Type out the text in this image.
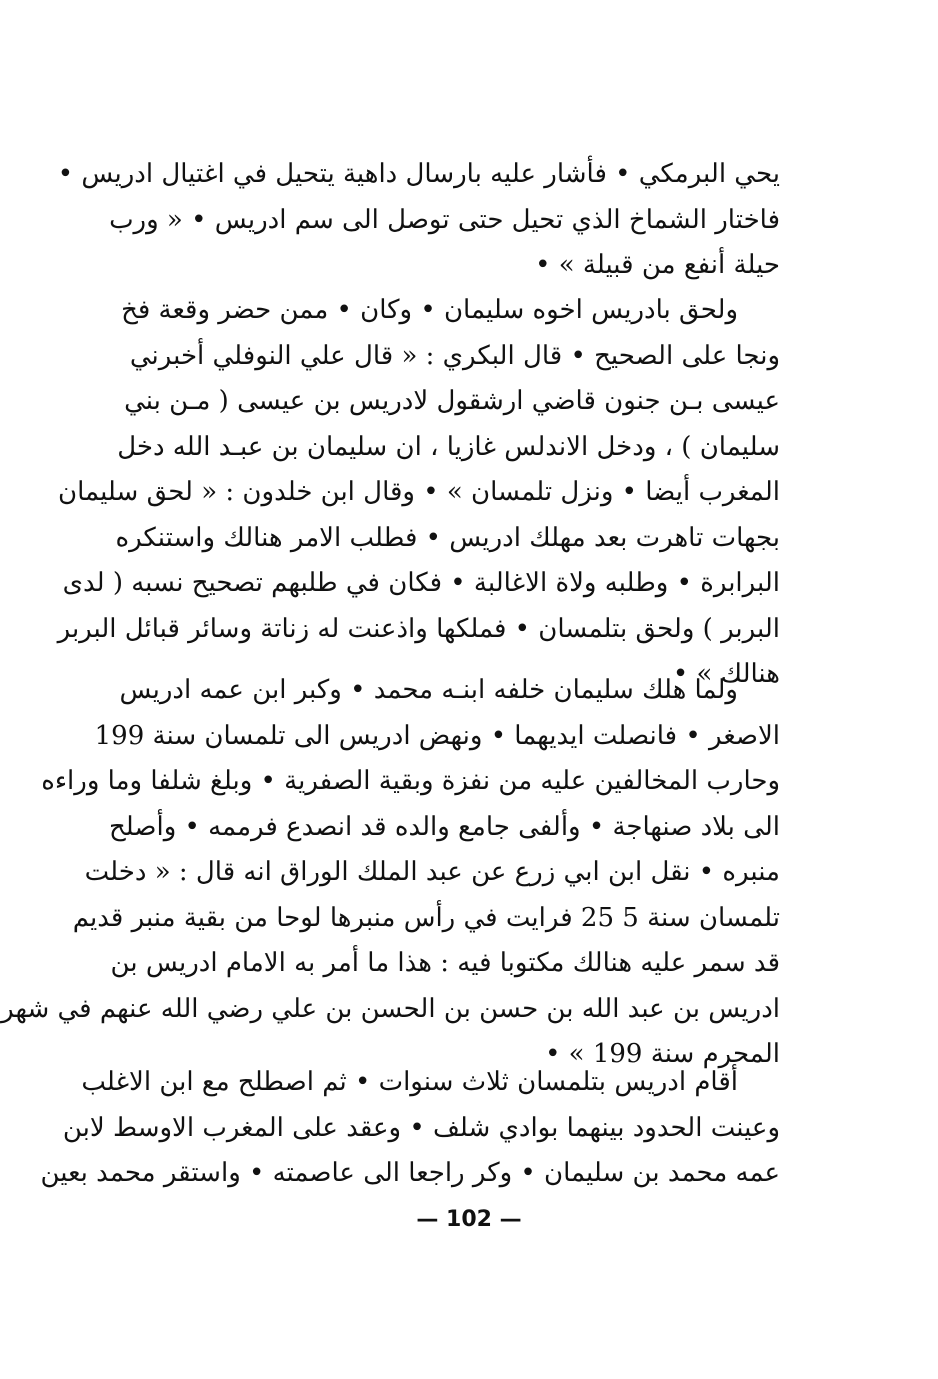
يحي البرمكي • فأشار عليه بارسال داهية يتحيل في اغتيال ادريس •
فاختار الشماخ الذي تحيل حتى توصل الى سم ادريس • « ورب
حيلة أنفع من قبيلة » •
ولحق بادريس اخوه سليمان • وكان • ممن حضر وقعة فخ
ونجا على الصحيح • قال البكري : « قال علي النوفلي أخبرني
عيسى بـن جنون قاضي ارشقول لادريس بن عيسى ( مـن بني
سليمان ) ، ودخل الاندلس غازيا ، ان سليمان بن عبـد الله دخل
المغرب أيضا • ونزل تلمسان » • وقال ابن خلدون : « لحق سليمان
بجهات تاهرت بعد مهلك ادريس • فطلب الامر هنالك واستنكره
البرابرة • وطلبه ولاة الاغالبة • فكان في طلبهم تصحيح نسبه ( لدى
البربر ) ولحق بتلمسان • فملكها واذعنت له زناتة وسائر قبائل البربر
هنالك » •
ولما هلك سليمان خلفه ابنـه محمد • وكبر ابن عمه ادريس
الاصغر • فانصلت ايديهما • ونهض ادريس الى تلمسان سنة 199
وحارب المخالفين عليه من نفزة وبقية الصفرية • وبلغ شلفا وما وراءه
الى بلاد صنهاجة • وألفى جامع والده قد انصدع فرممه • وأصلح
منبره • نقل ابن ابي زرع عن عبد الملك الوراق انه قال : « دخلت
تلمسان سنة 5 25 فرايت في رأس منبرها لوحا من بقية منبر قديم
قد سمر عليه هنالك مكتوبا فيه : هذا ما أمر به الامام ادريس بن
ادريس بن عبد الله بن حسن بن الحسن بن علي رضي الله عنهم في شهر
المحرم سنة 199 » •
أقام ادريس بتلمسان ثلاث سنوات • ثم اصطلح مع ابن الاغلب
وعينت الحدود بينهما بوادي شلف • وعقد على المغرب الاوسط لابن
عمه محمد بن سليمان • وكر راجعا الى عاصمته • واستقر محمد بعين
— 102 —
